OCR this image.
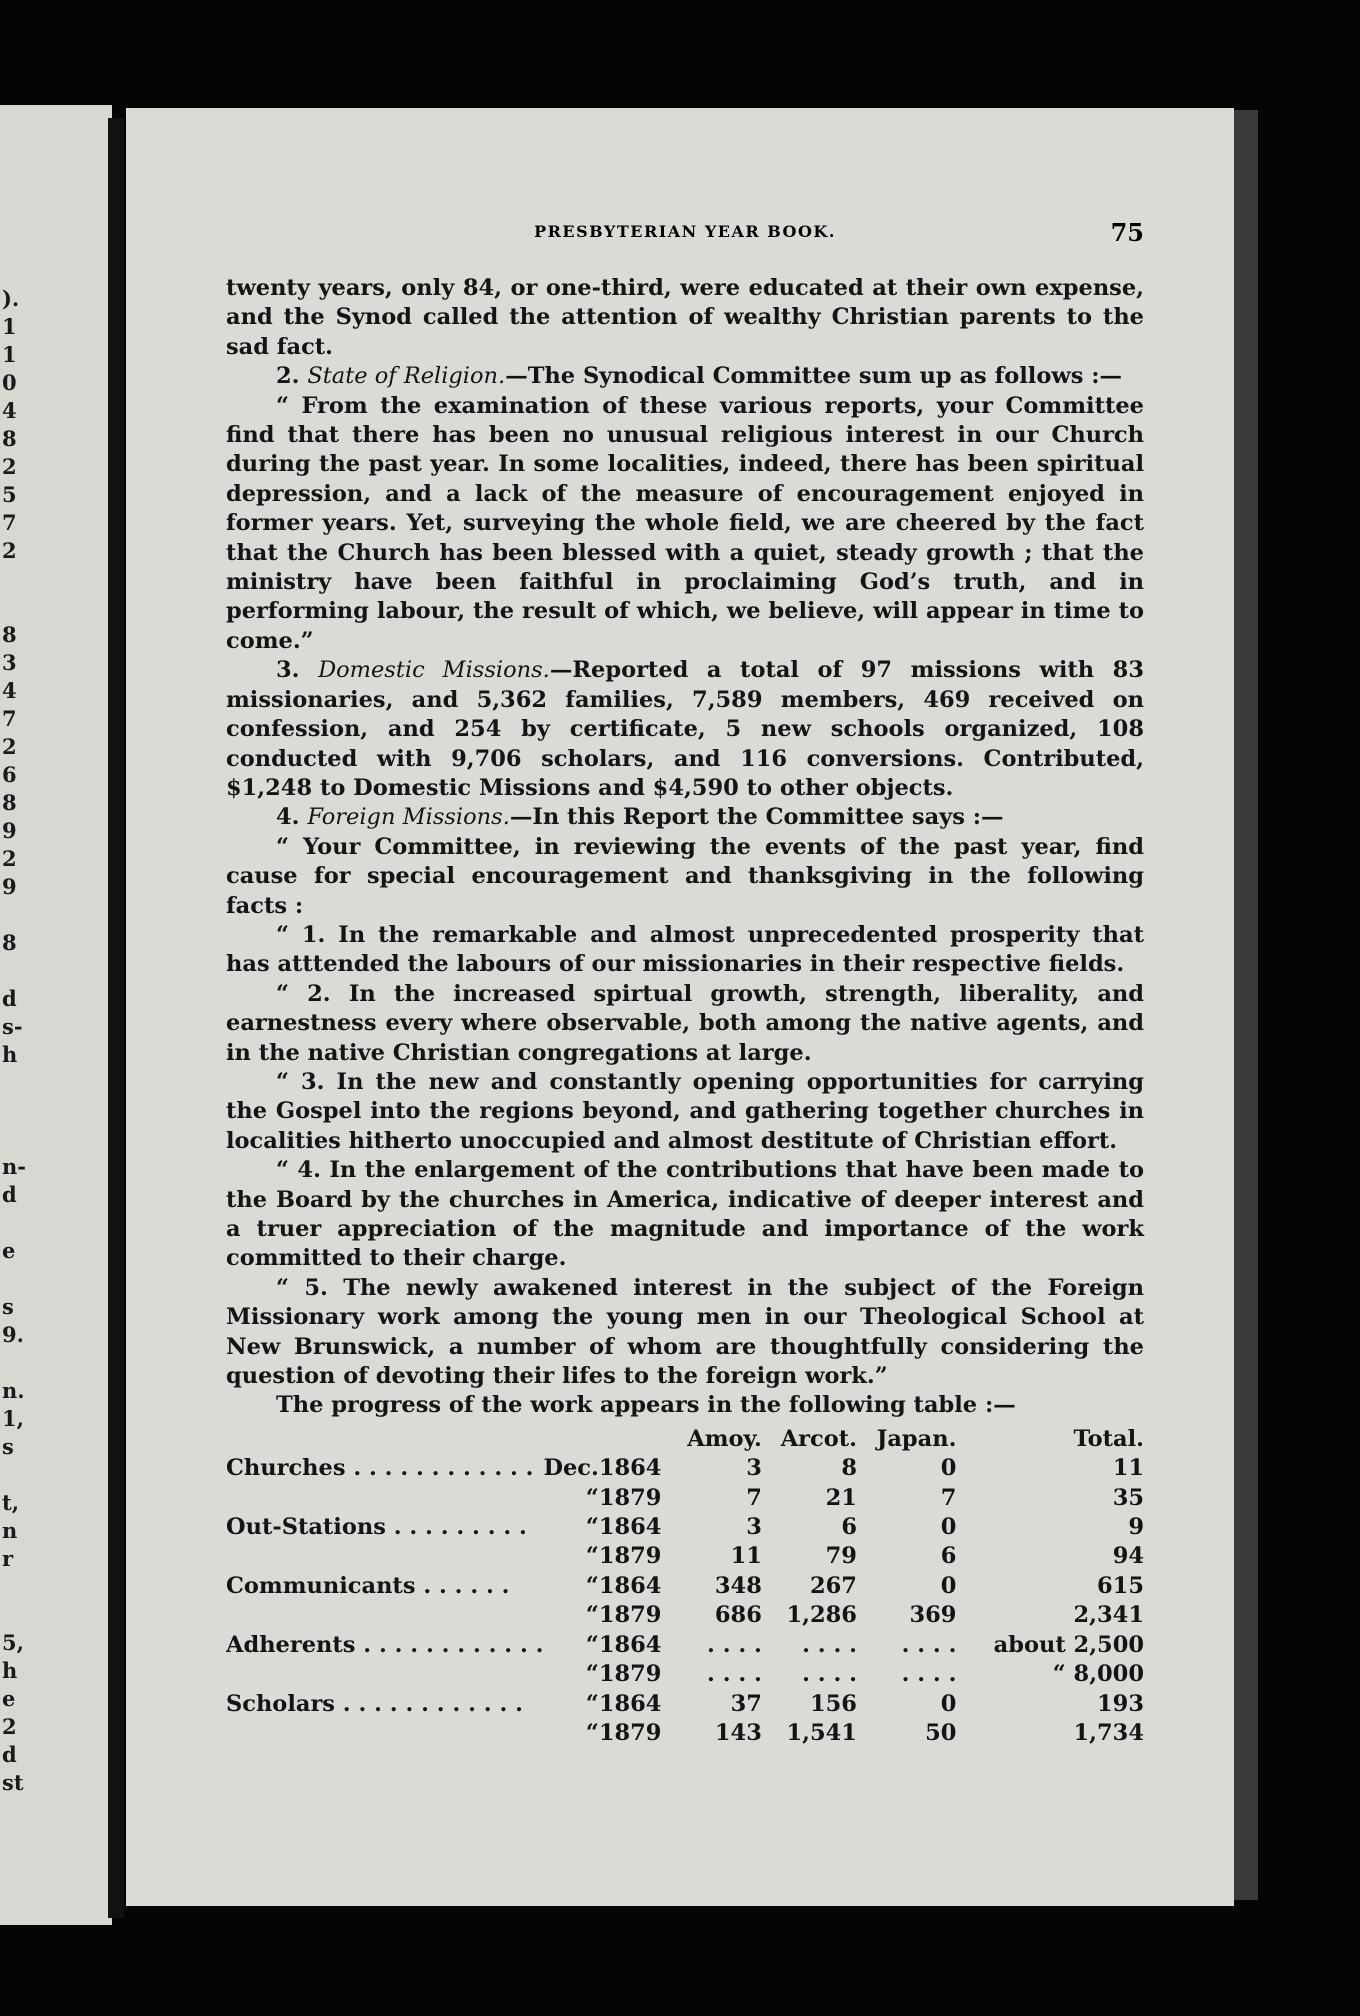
).
1
1
0
4
8
2
5
7
2
8
3
4
7
2
6
8
9
2
9
8
d
s-
h
n-
d
e
s
9.
n.
1,
s
t,
n
r
5,
h
e
2
d
st
PRESBYTERIAN YEAR BOOK.	75

twenty years, only 84, or one-third, were educated at their own expense, and the Synod called the attention of wealthy Christian parents to the sad fact.

2. State of Religion.—The Synodical Committee sum up as follows :—

“ From the examination of these various reports, your Committee find that there has been no unusual religious interest in our Church during the past year. In some localities, indeed, there has been spiritual depression, and a lack of the measure of encouragement enjoyed in former years. Yet, surveying the whole field, we are cheered by the fact that the Church has been blessed with a quiet, steady growth ; that the ministry have been faithful in proclaiming God’s truth, and in performing labour, the result of which, we believe, will appear in time to come.”

3. Domestic Missions.—Reported a total of 97 missions with 83 missionaries, and 5,362 families, 7,589 members, 469 received on confession, and 254 by certificate, 5 new schools organized, 108 conducted with 9,706 scholars, and 116 conversions. Contributed, $1,248 to Domestic Missions and $4,590 to other objects.

4. Foreign Missions.—In this Report the Committee says :—

“ Your Committee, in reviewing the events of the past year, find cause for special encouragement and thanksgiving in the following facts :

“ 1. In the remarkable and almost unprecedented prosperity that has atttended the labours of our missionaries in their respective fields.

“ 2. In the increased spirtual growth, strength, liberality, and earnestness every where observable, both among the native agents, and in the native Christian congregations at large.

“ 3. In the new and constantly opening opportunities for carrying the Gospel into the regions beyond, and gathering together churches in localities hitherto unoccupied and almost destitute of Christian effort.

“ 4. In the enlargement of the contributions that have been made to the Board by the churches in America, indicative of deeper interest and a truer appreciation of the magnitude and importance of the work committed to their charge.

“ 5. The newly awakened interest in the subject of the Foreign Missionary work among the young men in our Theological School at New Brunswick, a number of whom are thoughtfully considering the question of devoting their lifes to the foreign work.”

The progress of the work appears in the following table :—

			Amoy.	Arcot.	Japan.	Total.
Churches . . . . . . . . . . . .	Dec.	1864	3	8	0	11
	“	1879	7	21	7	35
Out-Stations . . . . . . . . .	“	1864	3	6	0	9
	“	1879	11	79	6	94
Communicants . . . . . .	“	1864	348	267	0	615
	“	1879	686	1,286	369	2,341
Adherents . . . . . . . . . . . .	“	1864	. . . .	. . . .	. . . .	about 2,500
	“	1879	. . . .	. . . .	. . . .	“ 8,000
Scholars . . . . . . . . . . . .	“	1864	37	156	0	193
	“	1879	143	1,541	50	1,734
